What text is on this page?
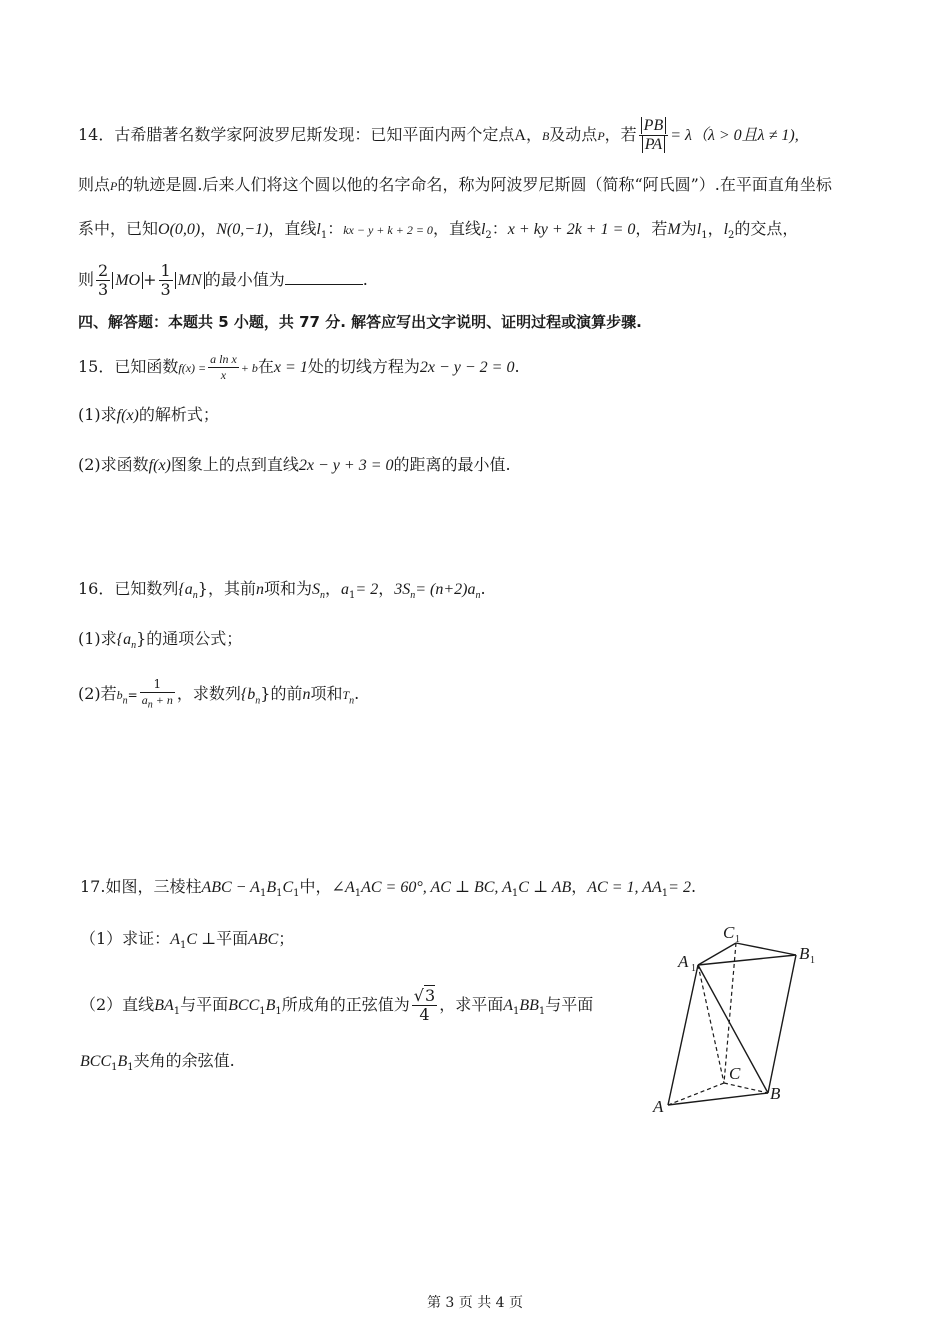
14．古希腊著名数学家阿波罗尼斯发现：已知平面内两个定点A，B及动点P，若 $\frac{PB}{PA} = \lambda(\lambda > 0$且λ ≠ 1),
则点P的轨迹是圆.后来人们将这个圆以他的名字命名，称为阿波罗尼斯圆（简称“阿氏圆”）.在平面直角坐标
系中，已知O(0,0)，N(0,−1)，直线$l_1$：kx − y + k + 2 = 0，直线$l_2$：x + ky + 2k + 1 = 0，若M为$l_1$，$l_2$的交点，
则 $\frac{2}{3}$ MO + $\frac{1}{3}$ MN 的最小值为	.
四、解答题：本题共 5 小题，共 77 分. 解答应写出文字说明、证明过程或演算步骤.
15．已知函数$f(x) = \frac{\text{a ln x}}{x} + b$在x = 1处的切线方程为2x − y − 2 = 0.
(1)求f(x)的解析式；
(2)求函数f(x)图象上的点到直线2x − y + 3 = 0的距离的最小值.
16．已知数列$\{a_n\}$，其前n项和为$S_n$，$a_1= 2$，$3S_n= (n+2)a_n$.
(1)求$\{a_n\}$的通项公式；
(2)若$b_n= \frac{1}{a_n + n}$ ，求数列$\{b_n\}$的前n项和$T_n$.
17.如图，三棱柱ABC − $A_1B_1C_1$中，$\angle A_1AC = 60^\circ$, AC ⊥ BC, $A_1C$ ⊥ AB，AC = 1, $AA_1= 2$.
（1）求证：$A_1C$ ⊥平面ABC；
（2）直线$BA_1$与平面$BCC_1B_1$所成角的正弦值为 $\frac{√3}{4}$ ，求平面$A_1BB_1$与平面
$BCC_1B_1$夹角的余弦值.
A
B
C
A 1
B 1
C 1
第 3 页 共 4 页
